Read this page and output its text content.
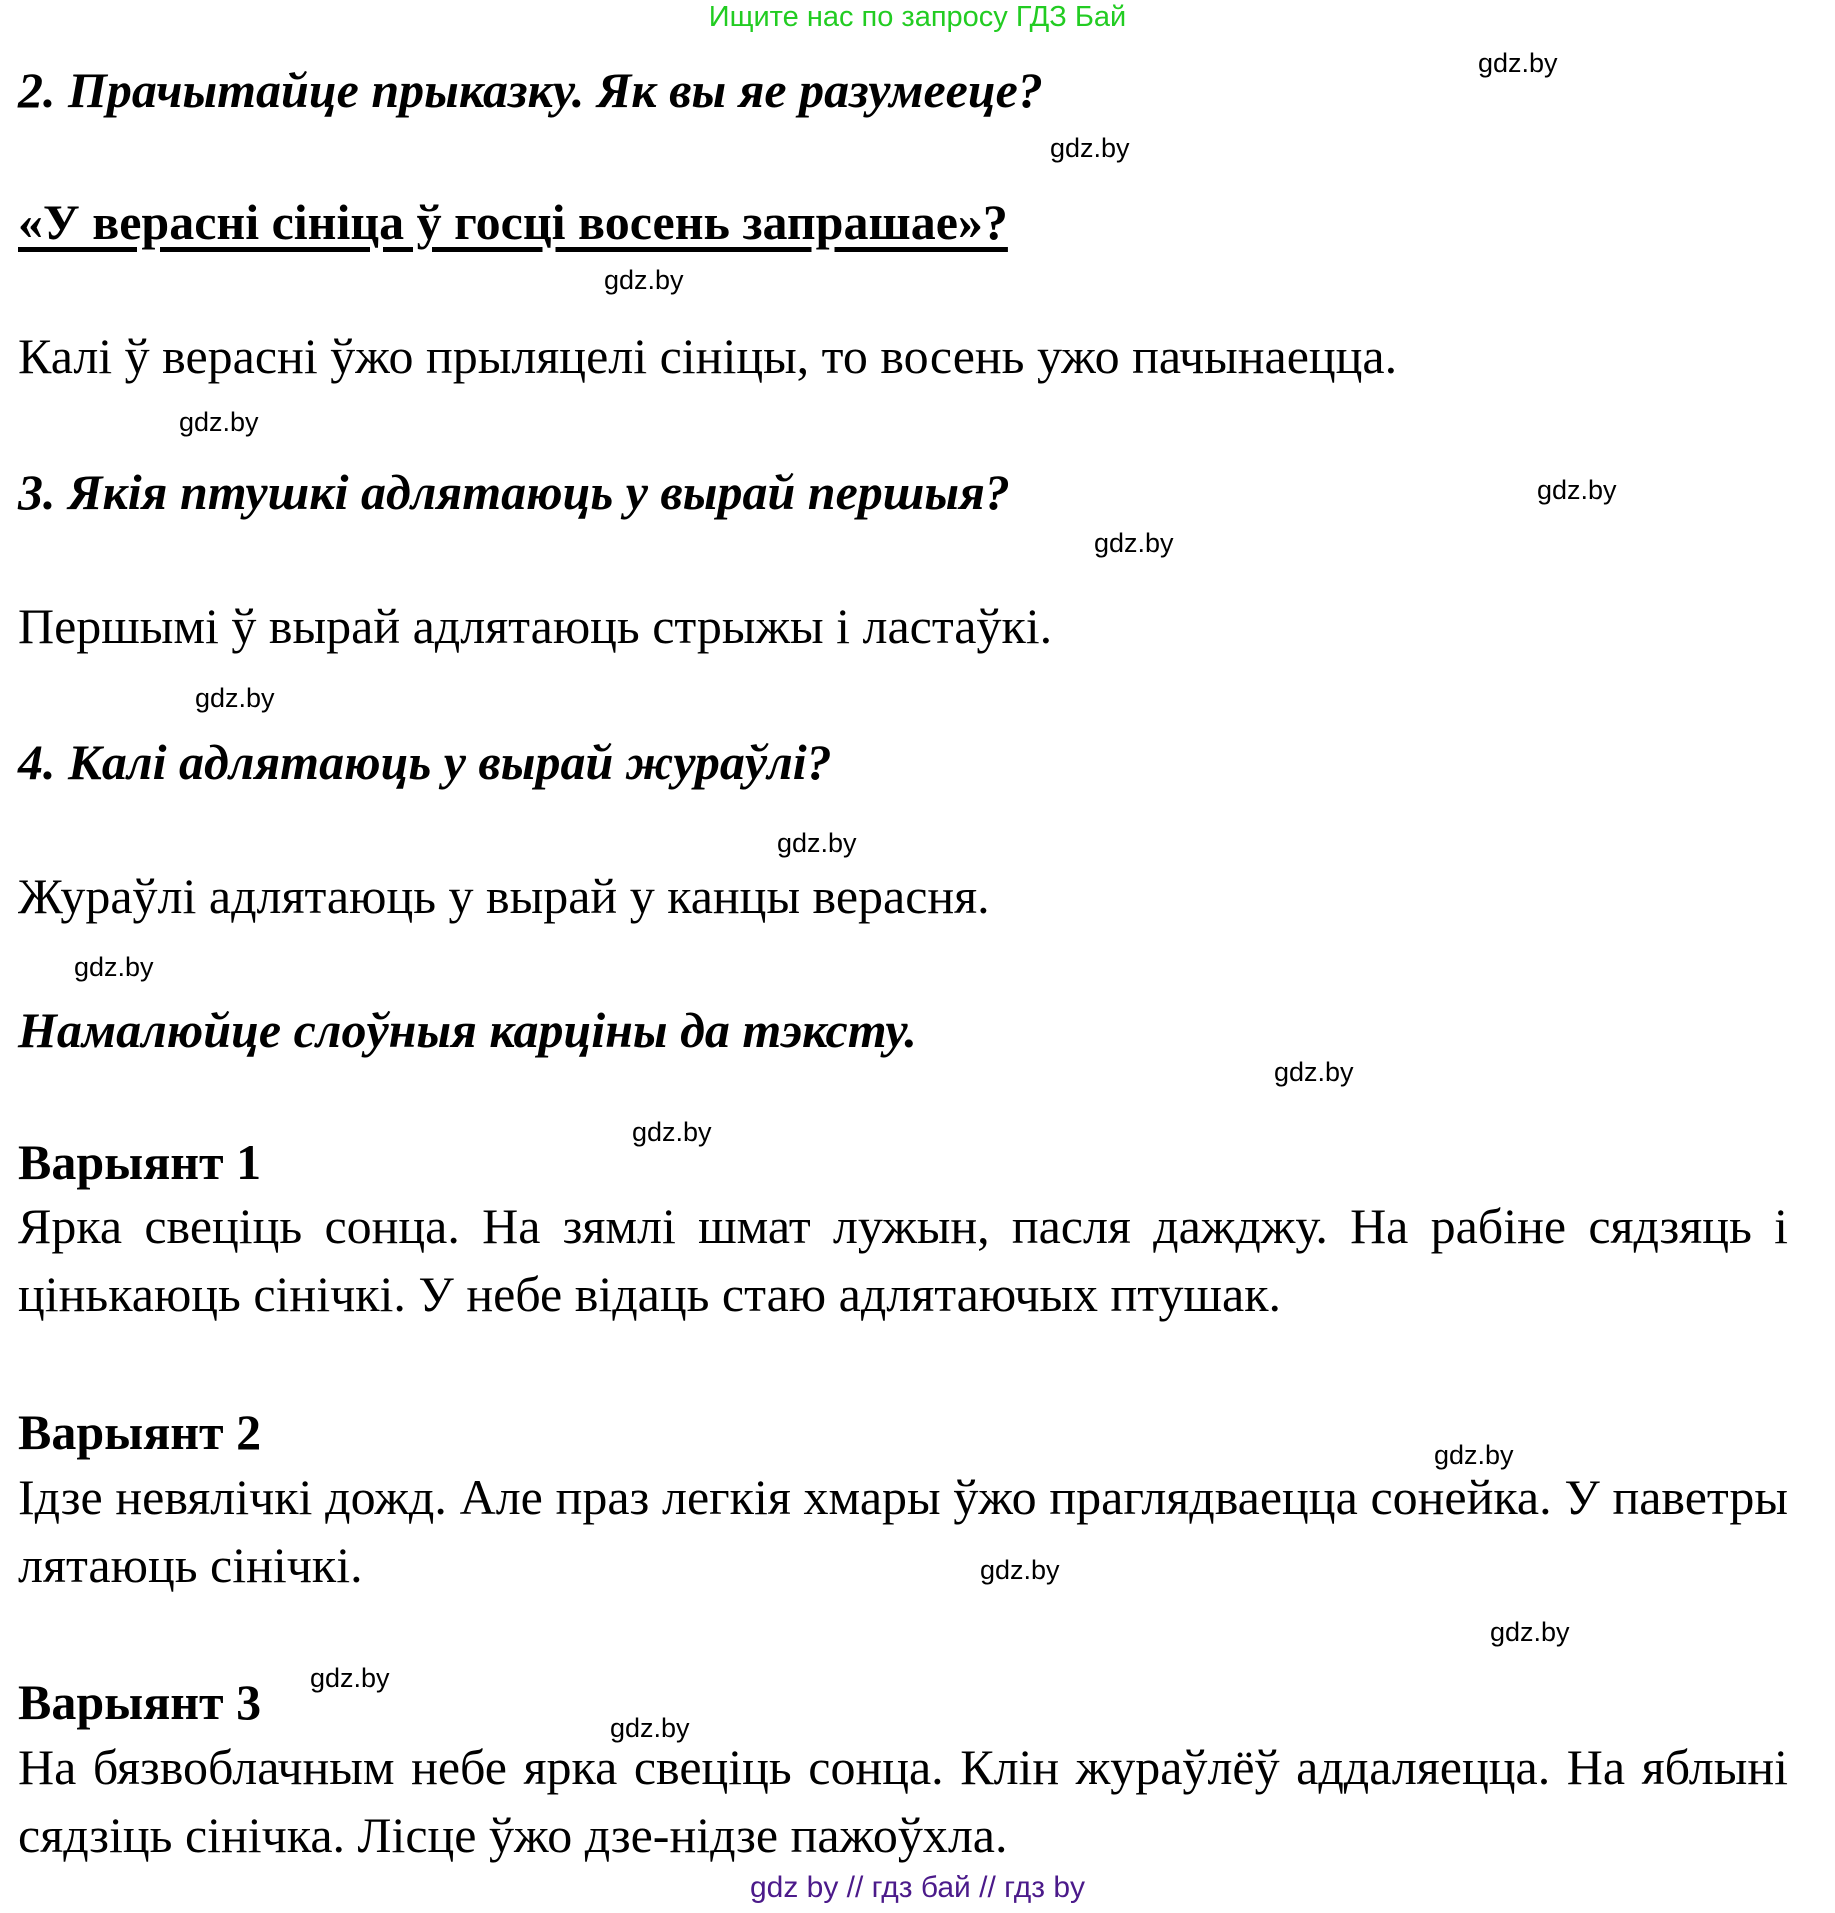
Ищите нас по запросу ГДЗ Бай
2. Прачытайце прыказку. Як вы яе разумееце?	gdz.by
gdz.by
«У верасні сініца ў госці восень запрашае»?
gdz.by
Калі ў верасні ўжо прыляцелі сініцы, то восень ужо пачынаецца.
gdz.by
3. Якія птушкі адлятаюць у вырай першыя?	gdz.by
gdz.by
Першымі ў вырай адлятаюць стрыжы і ластаўкі.
gdz.by
4. Калі адлятаюць у вырай жураўлі?
gdz.by
Жураўлі адлятаюць у вырай у канцы верасня.
gdz.by
Намалюйце слоўныя карціны да тэксту.
gdz.by
gdz.by
Варыянт 1
Ярка свеціць сонца. На зямлі шмат лужын, пасля дажджу. На рабіне сядзяць і цінькаюць сінічкі. У небе відаць стаю адлятаючых птушак.
Варыянт 2	gdz.by
Ідзе невялічкі дожд. Але праз легкія хмары ўжо праглядваецца сонейка. У паветры лятаюць сінічкі.	gdz.by
gdz.by
Варыянт 3 gdz.by
gdz.by
На бязвоблачным небе ярка свеціць сонца. Клін жураўлёў аддаляецца. На яблыні сядзіць сінічка. Лісце ўжо дзе-нідзе пажоўхла.
gdz by // гдз бай // гдз by
